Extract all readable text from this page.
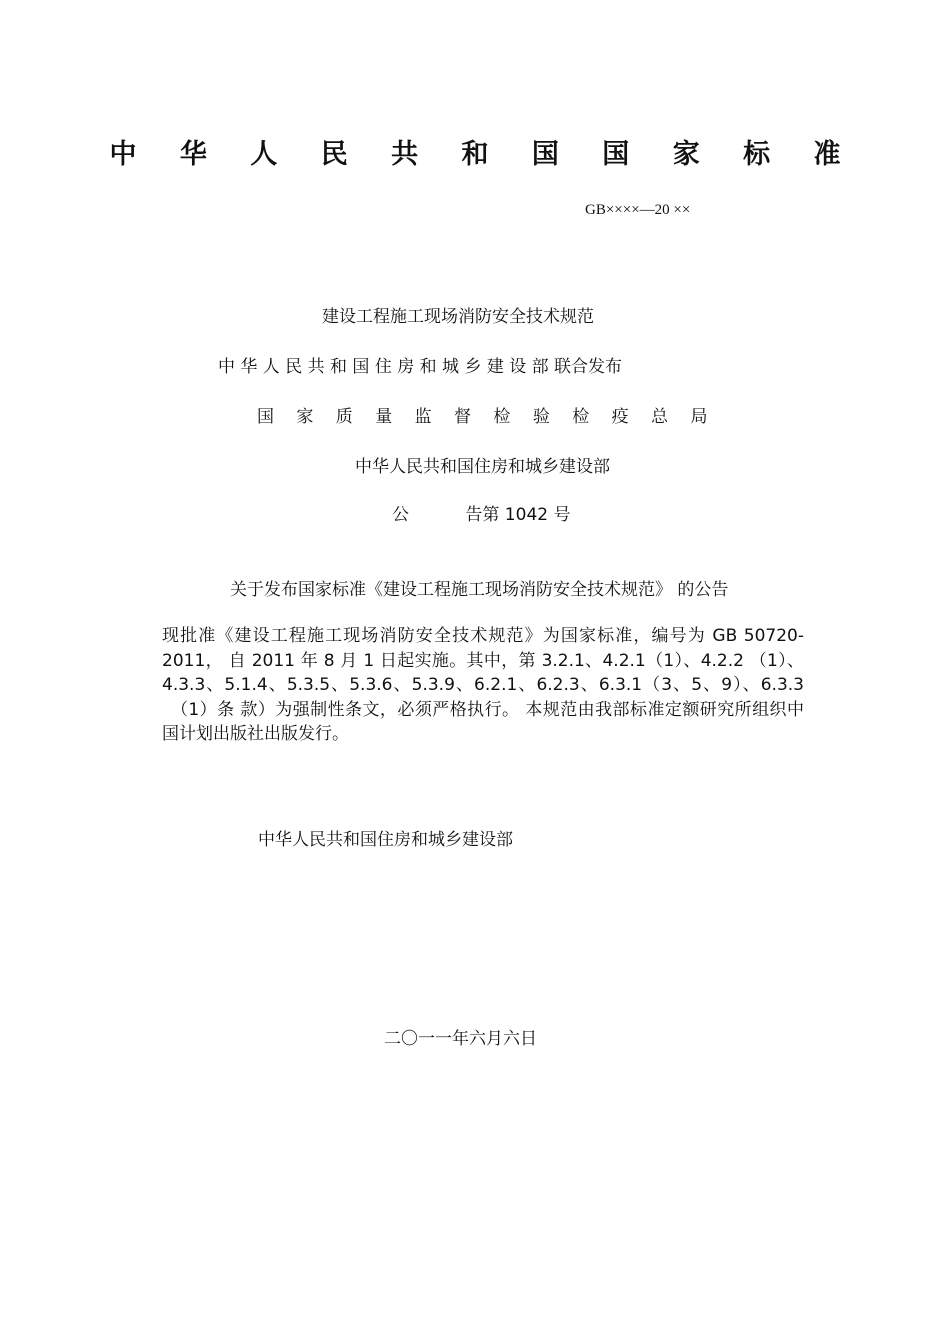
中 华 人 民 共 和 国 国 家 标 准
GB××××—20 ××
建设工程施工现场消防安全技术规范
中 华 人 民 共 和 国 住 房 和 城 乡 建 设 部 联合发布
国　 家　 质　 量　 监　 督　 检　 验　 检　 疫　 总　 局
中华人民共和国住房和城乡建设部
公　　　 告第 1042 号
关于发布国家标准《建设工程施工现场消防安全技术规范》 的公告
现批准《建设工程施工现场消防安全技术规范》为国家标准，编号为 GB 50720-2011， 自 2011 年 8 月 1 日起实施。其中，第 3.2.1、4.2.1（1）、4.2.2 （1）、 4.3.3、5.1.4、5.3.5、5.3.6、5.3.9、6.2.1、6.2.3、6.3.1（3、5、9）、6.3.3 　（1）条 款）为强制性条文，必须严格执行。 本规范由我部标准定额研究所组织中国计划出版社出版发行。
中华人民共和国住房和城乡建设部
二〇一一年六月六日
